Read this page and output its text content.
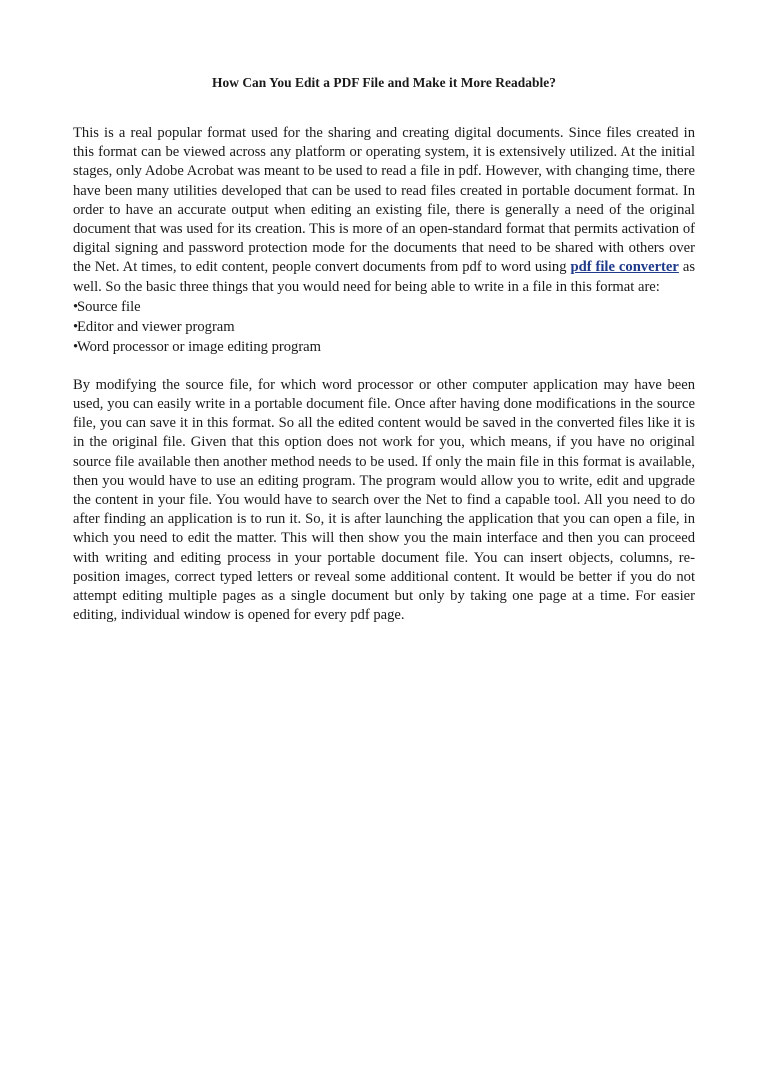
How Can You Edit a PDF File and Make it More Readable?

This is a real popular format used for the sharing and creating digital documents. Since files created in this format can be viewed across any platform or operating system, it is extensively utilized. At the initial stages, only Adobe Acrobat was meant to be used to read a file in pdf. However, with changing time, there have been many utilities developed that can be used to read files created in portable document format. In order to have an accurate output when editing an existing file, there is generally a need of the original document that was used for its creation. This is more of an open-standard format that permits activation of digital signing and password protection mode for the documents that need to be shared with others over the Net. At times, to edit content, people convert documents from pdf to word using pdf file converter as well. So the basic three things that you would need for being able to write in a file in this format are:

•Source file
•Editor and viewer program
•Word processor or image editing program

By modifying the source file, for which word processor or other computer application may have been used, you can easily write in a portable document file. Once after having done modifications in the source file, you can save it in this format. So all the edited content would be saved in the converted files like it is in the original file. Given that this option does not work for you, which means, if you have no original source file available then another method needs to be used. If only the main file in this format is available, then you would have to use an editing program. The program would allow you to write, edit and upgrade the content in your file. You would have to search over the Net to find a capable tool. All you need to do after finding an application is to run it. So, it is after launching the application that you can open a file, in which you need to edit the matter. This will then show you the main interface and then you can proceed with writing and editing process in your portable document file. You can insert objects, columns, re-position images, correct typed letters or reveal some additional content. It would be better if you do not attempt editing multiple pages as a single document but only by taking one page at a time. For easier editing, individual window is opened for every pdf page.
